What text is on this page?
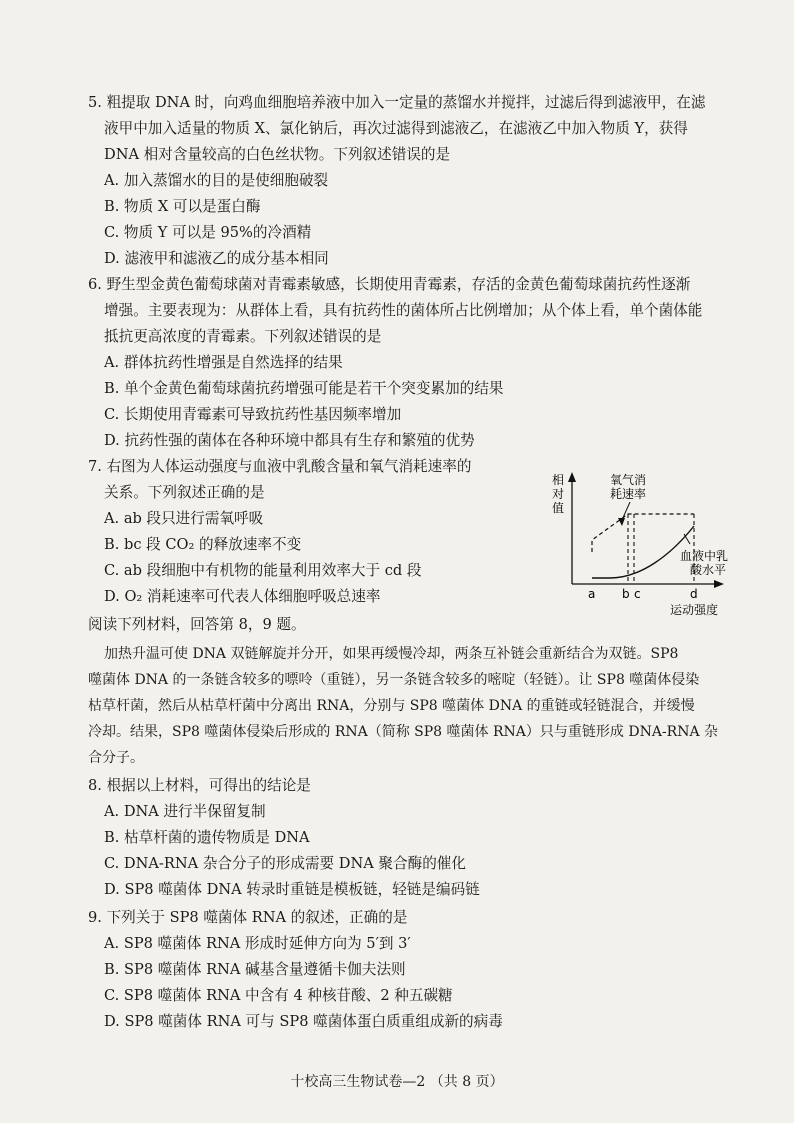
5. 粗提取 DNA 时，向鸡血细胞培养液中加入一定量的蒸馏水并搅拌，过滤后得到滤液甲，在滤
液甲中加入适量的物质 X、氯化钠后，再次过滤得到滤液乙，在滤液乙中加入物质 Y，获得
DNA 相对含量较高的白色丝状物。下列叙述错误的是
A. 加入蒸馏水的目的是使细胞破裂
B. 物质 X 可以是蛋白酶
C. 物质 Y 可以是 95%的冷酒精
D. 滤液甲和滤液乙的成分基本相同
6. 野生型金黄色葡萄球菌对青霉素敏感，长期使用青霉素，存活的金黄色葡萄球菌抗药性逐渐
增强。主要表现为：从群体上看，具有抗药性的菌体所占比例增加；从个体上看，单个菌体能
抵抗更高浓度的青霉素。下列叙述错误的是
A. 群体抗药性增强是自然选择的结果
B. 单个金黄色葡萄球菌抗药增强可能是若干个突变累加的结果
C. 长期使用青霉素可导致抗药性基因频率增加
D. 抗药性强的菌体在各种环境中都具有生存和繁殖的优势
7. 右图为人体运动强度与血液中乳酸含量和氧气消耗速率的
关系。下列叙述正确的是
A. ab 段只进行需氧呼吸
B. bc 段 CO₂ 的释放速率不变
C. ab 段细胞中有机物的能量利用效率大于 cd 段
D. O₂ 消耗速率可代表人体细胞呼吸总速率
相
对
值
氧气消
耗速率
血液中乳
酸水平
a b c	d
运动强度
阅读下列材料，回答第 8，9 题。
加热升温可使 DNA 双链解旋并分开，如果再缓慢冷却，两条互补链会重新结合为双链。SP8
噬菌体 DNA 的一条链含较多的嘌呤（重链），另一条链含较多的嘧啶（轻链）。让 SP8 噬菌体侵染
枯草杆菌，然后从枯草杆菌中分离出 RNA，分别与 SP8 噬菌体 DNA 的重链或轻链混合，并缓慢
冷却。结果，SP8 噬菌体侵染后形成的 RNA（简称 SP8 噬菌体 RNA）只与重链形成 DNA-RNA 杂
合分子。
8. 根据以上材料，可得出的结论是
A. DNA 进行半保留复制
B. 枯草杆菌的遗传物质是 DNA
C. DNA-RNA 杂合分子的形成需要 DNA 聚合酶的催化
D. SP8 噬菌体 DNA 转录时重链是模板链，轻链是编码链
9. 下列关于 SP8 噬菌体 RNA 的叙述，正确的是
A. SP8 噬菌体 RNA 形成时延伸方向为 5′到 3′
B. SP8 噬菌体 RNA 碱基含量遵循卡伽夫法则
C. SP8 噬菌体 RNA 中含有 4 种核苷酸、2 种五碳糖
D. SP8 噬菌体 RNA 可与 SP8 噬菌体蛋白质重组成新的病毒
十校高三生物试卷—2 （共 8 页）
